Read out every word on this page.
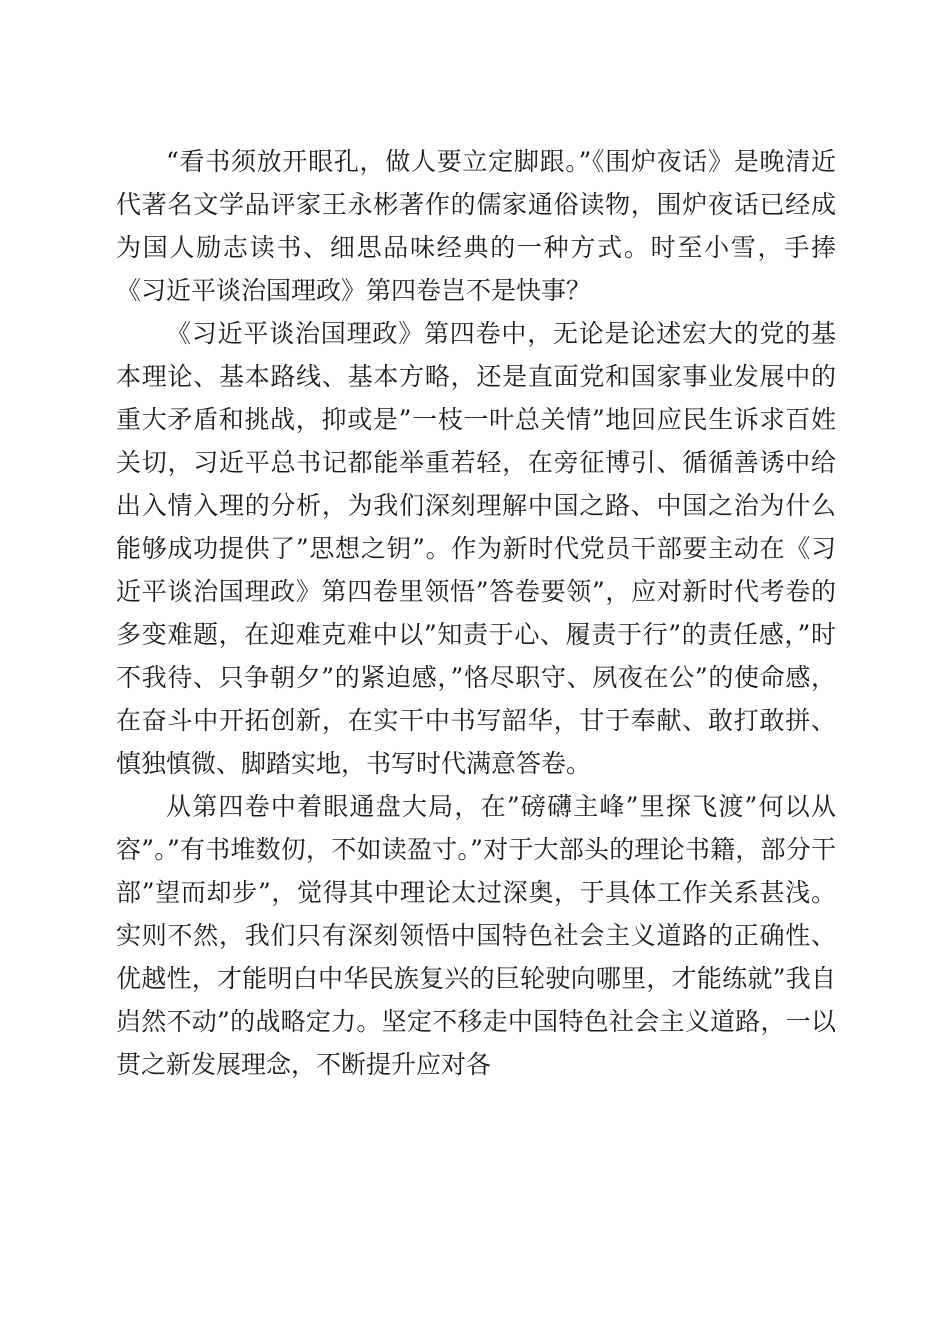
“看书须放开眼孔，做人要立定脚跟。”《围炉夜话》是晚清近代著名文学品评家王永彬著作的儒家通俗读物，围炉夜话已经成为国人励志读书、细思品味经典的一种方式。时至小雪，手捧《习近平谈治国理政》第四卷岂不是快事？

《习近平谈治国理政》第四卷中，无论是论述宏大的党的基本理论、基本路线、基本方略，还是直面党和国家事业发展中的重大矛盾和挑战，抑或是”一枝一叶总关情”地回应民生诉求百姓关切，习近平总书记都能举重若轻，在旁征博引、循循善诱中给出入情入理的分析，为我们深刻理解中国之路、中国之治为什么能够成功提供了”思想之钥”。作为新时代党员干部要主动在《习近平谈治国理政》第四卷里领悟”答卷要领”，应对新时代考卷的多变难题，在迎难克难中以”知责于心、履责于行”的责任感，”时不我待、只争朝夕”的紧迫感，”恪尽职守、夙夜在公”的使命感，在奋斗中开拓创新，在实干中书写韶华，甘于奉献、敢打敢拼、慎独慎微、脚踏实地，书写时代满意答卷。

从第四卷中着眼通盘大局，在”磅礴主峰”里探飞渡”何以从容”。”有书堆数仞，不如读盈寸。”对于大部头的理论书籍，部分干部”望而却步”，觉得其中理论太过深奥，于具体工作关系甚浅。实则不然，我们只有深刻领悟中国特色社会主义道路的正确性、优越性，才能明白中华民族复兴的巨轮驶向哪里，才能练就”我自岿然不动”的战略定力。坚定不移走中国特色社会主义道路，一以贯之新发展理念，不断提升应对各
